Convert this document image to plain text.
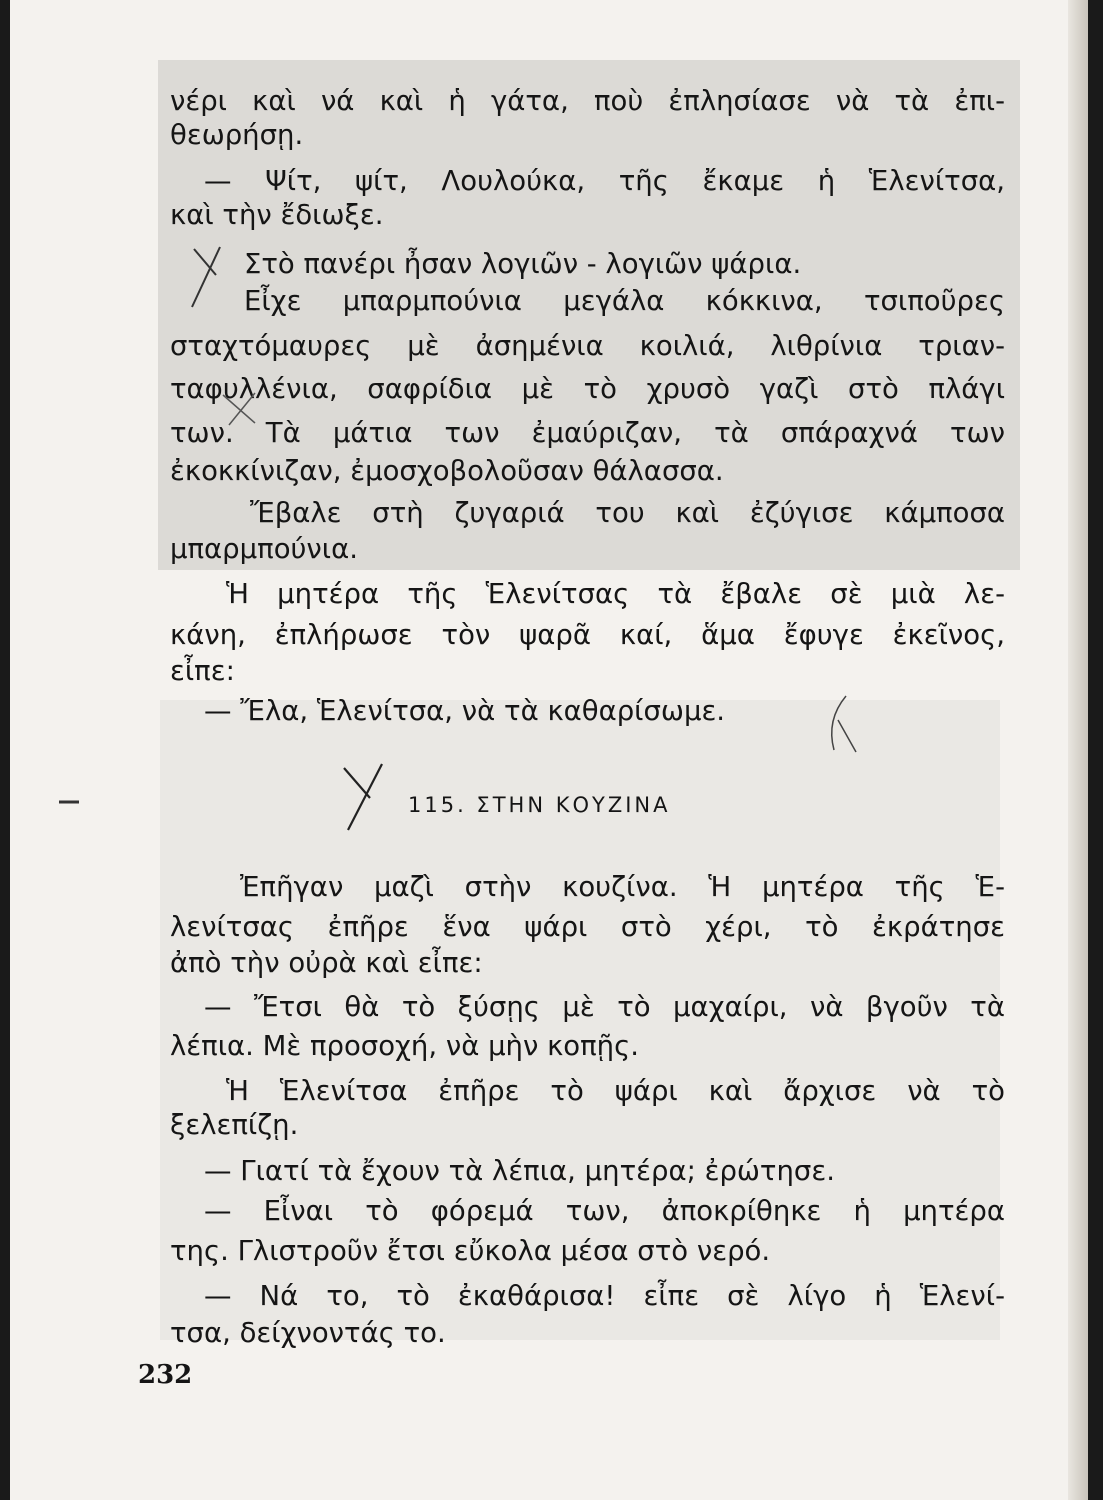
νέρι καὶ νά καὶ ἡ γάτα, ποὺ ἐπλησίασε νὰ τὰ ἐπι-
θεωρήσῃ.
— Ψίτ, ψίτ, Λουλούκα, τῆς ἔκαμε ἡ Ἑλενίτσα,
καὶ τὴν ἔδιωξε.
Στὸ πανέρι ἦσαν λογιῶν - λογιῶν ψάρια.
Εἶχε μπαρμπούνια μεγάλα κόκκινα, τσιποῦρες
σταχτόμαυρες μὲ ἀσημένια κοιλιά, λιθρίνια τριαν-
ταφυλλένια, σαφρίδια μὲ τὸ χρυσὸ γαζὶ στὸ πλάγι
των. Τὰ μάτια των ἐμαύριζαν, τὰ σπάραχνά των
ἐκοκκίνιζαν, ἐμοσχοβολοῦσαν θάλασσα.
Ἔβαλε στὴ ζυγαριά του καὶ ἐζύγισε κάμποσα
μπαρμπούνια.
Ἡ μητέρα τῆς Ἑλενίτσας τὰ ἔβαλε σὲ μιὰ λε-
κάνη, ἐπλήρωσε τὸν ψαρᾶ καί, ἅμα ἔφυγε ἐκεῖνος,
εἶπε:
— Ἔλα, Ἑλενίτσα, νὰ τὰ καθαρίσωμε.
Ἐπῆγαν μαζὶ στὴν κουζίνα. Ἡ μητέρα τῆς Ἑ-
λενίτσας ἐπῆρε ἕνα ψάρι στὸ χέρι, τὸ ἐκράτησε
ἀπὸ τὴν οὐρὰ καὶ εἶπε:
— Ἔτσι θὰ τὸ ξύσῃς μὲ τὸ μαχαίρι, νὰ βγοῦν τὰ
λέπια. Μὲ προσοχή, νὰ μὴν κοπῇς.
Ἡ Ἑλενίτσα ἐπῆρε τὸ ψάρι καὶ ἄρχισε νὰ τὸ
ξελεπίζῃ.
— Γιατί τὰ ἔχουν τὰ λέπια, μητέρα; ἐρώτησε.
— Εἶναι τὸ φόρεμά των, ἀποκρίθηκε ἡ μητέρα
της. Γλιστροῦν ἔτσι εὔκολα μέσα στὸ νερό.
— Νά το, τὸ ἐκαθάρισα! εἶπε σὲ λίγο ἡ Ἑλενί-
τσα, δείχνοντάς το.
115. ΣΤΗΝ ΚΟΥΖΙΝΑ
232
